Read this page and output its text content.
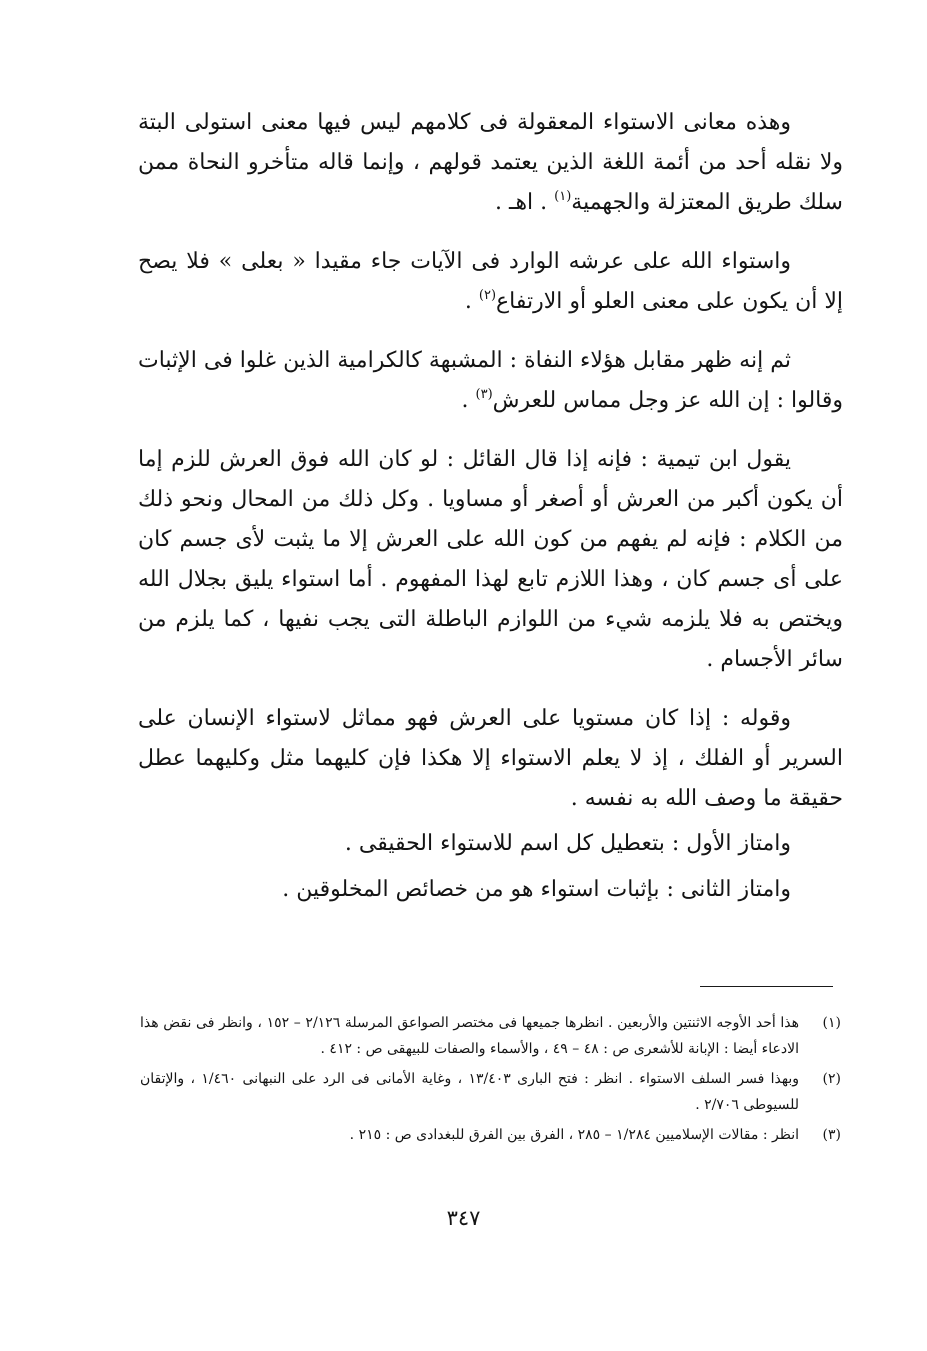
وهذه معانى الاستواء المعقولة فى كلامهم ليس فيها معنى استولى البتة ولا نقله أحد من أئمة اللغة الذين يعتمد قولهم ، وإنما قاله متأخرو النحاة ممن سلك طريق المعتزلة والجهمية$^{(١)}$ . اهـ .

واستواء الله على عرشه الوارد فى الآيات جاء مقيدا « بعلى » فلا يصح إلا أن يكون على معنى العلو أو الارتفاع$^{(٢)}$ .

ثم إنه ظهر مقابل هؤلاء النفاة : المشبهة كالكرامية الذين غلوا فى الإثبات وقالوا : إن الله عز وجل مماس للعرش$^{(٣)}$ .

يقول ابن تيمية : فإنه إذا قال القائل : لو كان الله فوق العرش للزم إما أن يكون أكبر من العرش أو أصغر أو مساويا . وكل ذلك من المحال ونحو ذلك من الكلام : فإنه لم يفهم من كون الله على العرش إلا ما يثبت لأى جسم كان على أى جسم كان ، وهذا اللازم تابع لهذا المفهوم . أما استواء يليق بجلال الله ويختص به فلا يلزمه شيء من اللوازم الباطلة التى يجب نفيها ، كما يلزم من سائر الأجسام .

وقوله : إذا كان مستويا على العرش فهو مماثل لاستواء الإنسان على السرير أو الفلك ، إذ لا يعلم الاستواء إلا هكذا فإن كليهما مثل وكليهما عطل حقيقة ما وصف الله به نفسه .

وامتاز الأول : بتعطيل كل اسم للاستواء الحقيقى .

وامتاز الثانى : بإثبات استواء هو من خصائص المخلوقين .

(١)
هذا أحد الأوجه الاثنتين والأربعين . انظرها جميعها فى مختصر الصواعق المرسلة ٢/١٢٦ – ١٥٢ ، وانظر فى نقض هذا الادعاء أيضا : الإبانة للأشعرى ص : ٤٨ – ٤٩ ، والأسماء والصفات للبيهقى ص : ٤١٢ .
(٢)
وبهذا فسر السلف الاستواء . انظر : فتح البارى ١٣/٤٠٣ ، وغاية الأمانى فى الرد على النبهانى ١/٤٦٠ ، والإتقان للسيوطى ٢/٧٠٦ .
(٣)
انظر : مقالات الإسلاميين ١/٢٨٤ – ٢٨٥ ، الفرق بين الفرق للبغدادى ص : ٢١٥ .
٣٤٧
